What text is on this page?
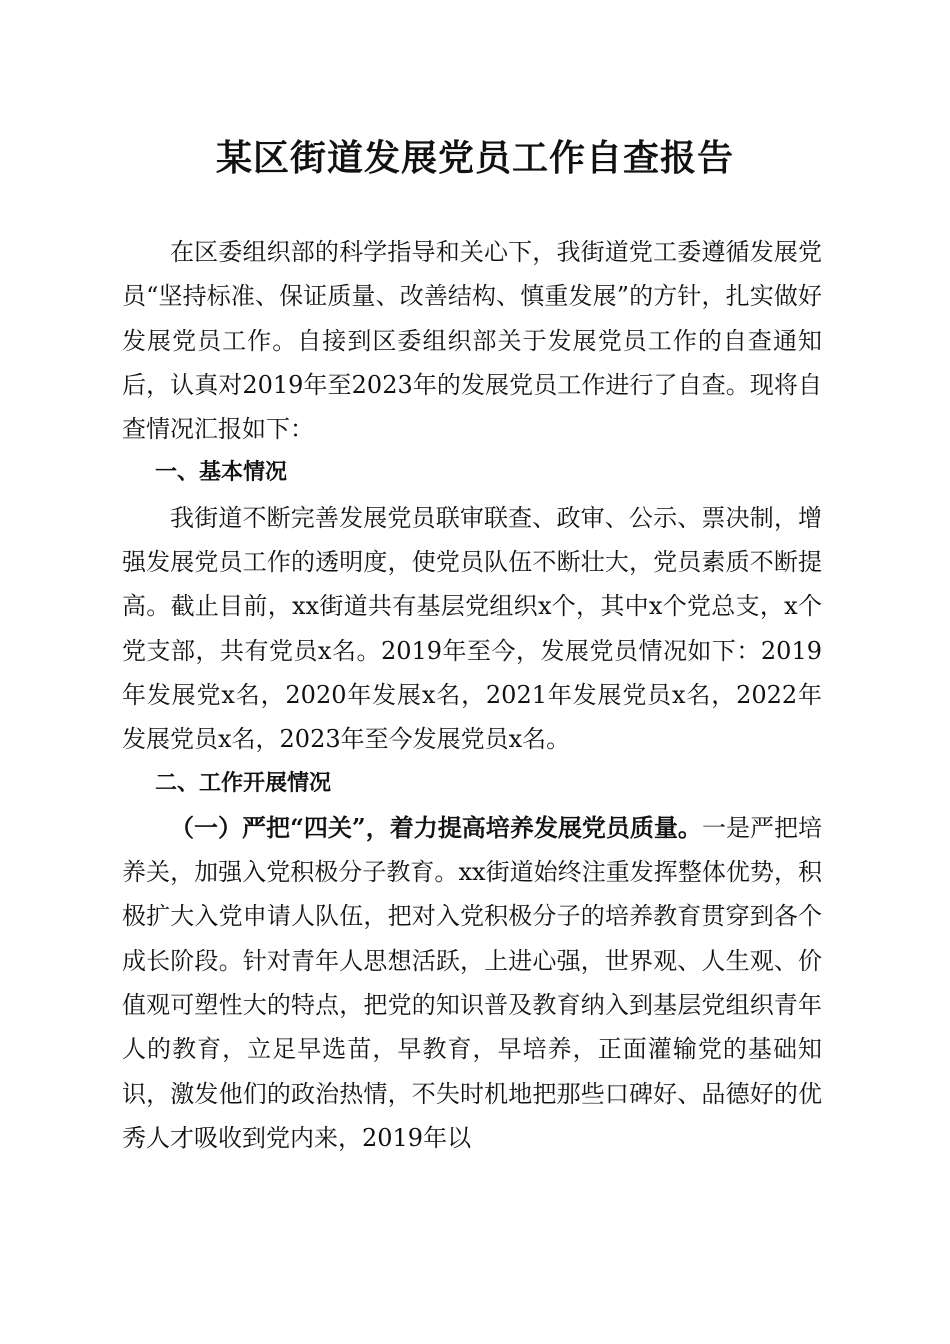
某区街道发展党员工作自查报告

在区委组织部的科学指导和关心下，我街道党工委遵循发展党员“坚持标准、保证质量、改善结构、慎重发展”的方针，扎实做好发展党员工作。自接到区委组织部关于发展党员工作的自查通知后，认真对2019年至2023年的发展党员工作进行了自查。现将自查情况汇报如下：

一、基本情况

我街道不断完善发展党员联审联查、政审、公示、票决制，增强发展党员工作的透明度，使党员队伍不断壮大，党员素质不断提高。截止目前，xx街道共有基层党组织x个，其中x个党总支，x个党支部，共有党员x名。2019年至今，发展党员情况如下：2019年发展党x名，2020年发展x名，2021年发展党员x名，2022年发展党员x名，2023年至今发展党员x名。

二、工作开展情况

（一）严把“四关”，着力提高培养发展党员质量。一是严把培养关，加强入党积极分子教育。xx街道始终注重发挥整体优势，积极扩大入党申请人队伍，把对入党积极分子的培养教育贯穿到各个成长阶段。针对青年人思想活跃，上进心强，世界观、人生观、价值观可塑性大的特点，把党的知识普及教育纳入到基层党组织青年人的教育，立足早选苗，早教育，早培养，正面灌输党的基础知识，激发他们的政治热情，不失时机地把那些口碑好、品德好的优秀人才吸收到党内来，2019年以
